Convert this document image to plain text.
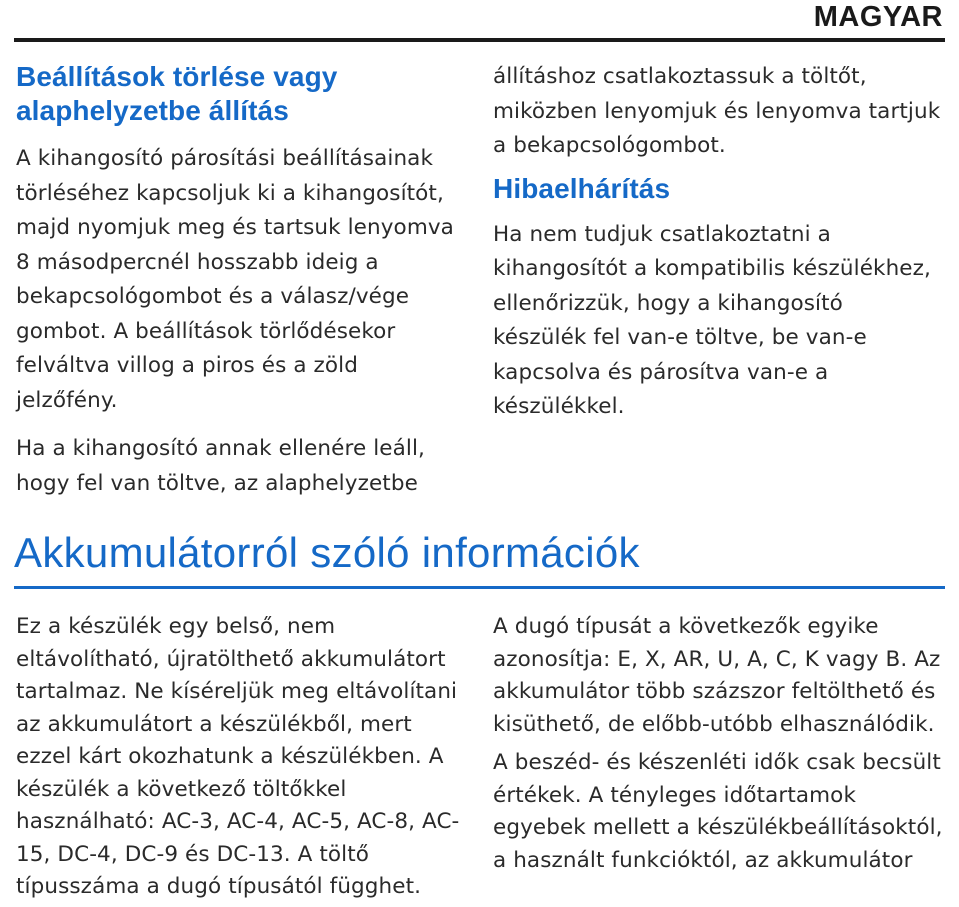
MAGYAR
Beállítások törlése vagy alaphelyzetbe állítás

A kihangosító párosítási beállításainak törléséhez kapcsoljuk ki a kihangosítót, majd nyomjuk meg és tartsuk lenyomva 8 másodpercnél hosszabb ideig a bekapcsológombot és a válasz/vége gombot. A beállítások törlődésekor felváltva villog a piros és a zöld jelzőfény.

Ha a kihangosító annak ellenére leáll, hogy fel van töltve, az alaphelyzetbe

állításhoz csatlakoztassuk a töltőt, miközben lenyomjuk és lenyomva tartjuk a bekapcsológombot.

Hibaelhárítás

Ha nem tudjuk csatlakoztatni a kihangosítót a kompatibilis készülékhez, ellenőrizzük, hogy a kihangosító készülék fel van-e töltve, be van-e kapcsolva és párosítva van-e a készülékkel.

Akkumulátorról szóló információk

Ez a készülék egy belső, nem eltávolítható, újratölthető akkumulátort tartalmaz. Ne kíséreljük meg eltávolítani az akkumulátort a készülékből, mert ezzel kárt okozhatunk a készülékben. A készülék a következő töltőkkel használható: AC-3, AC-4, AC-5, AC-8, AC-15, DC-4, DC-9 és DC-13. A töltő típusszáma a dugó típusától függhet.

A dugó típusát a következők egyike azonosítja: E, X, AR, U, A, C, K vagy B. Az akkumulátor több százszor feltölthető és kisüthető, de előbb-utóbb elhasználódik.

A beszéd- és készenléti idők csak becsült értékek. A tényleges időtartamok egyebek mellett a készülékbeállításoktól, a használt funkcióktól, az akkumulátor
